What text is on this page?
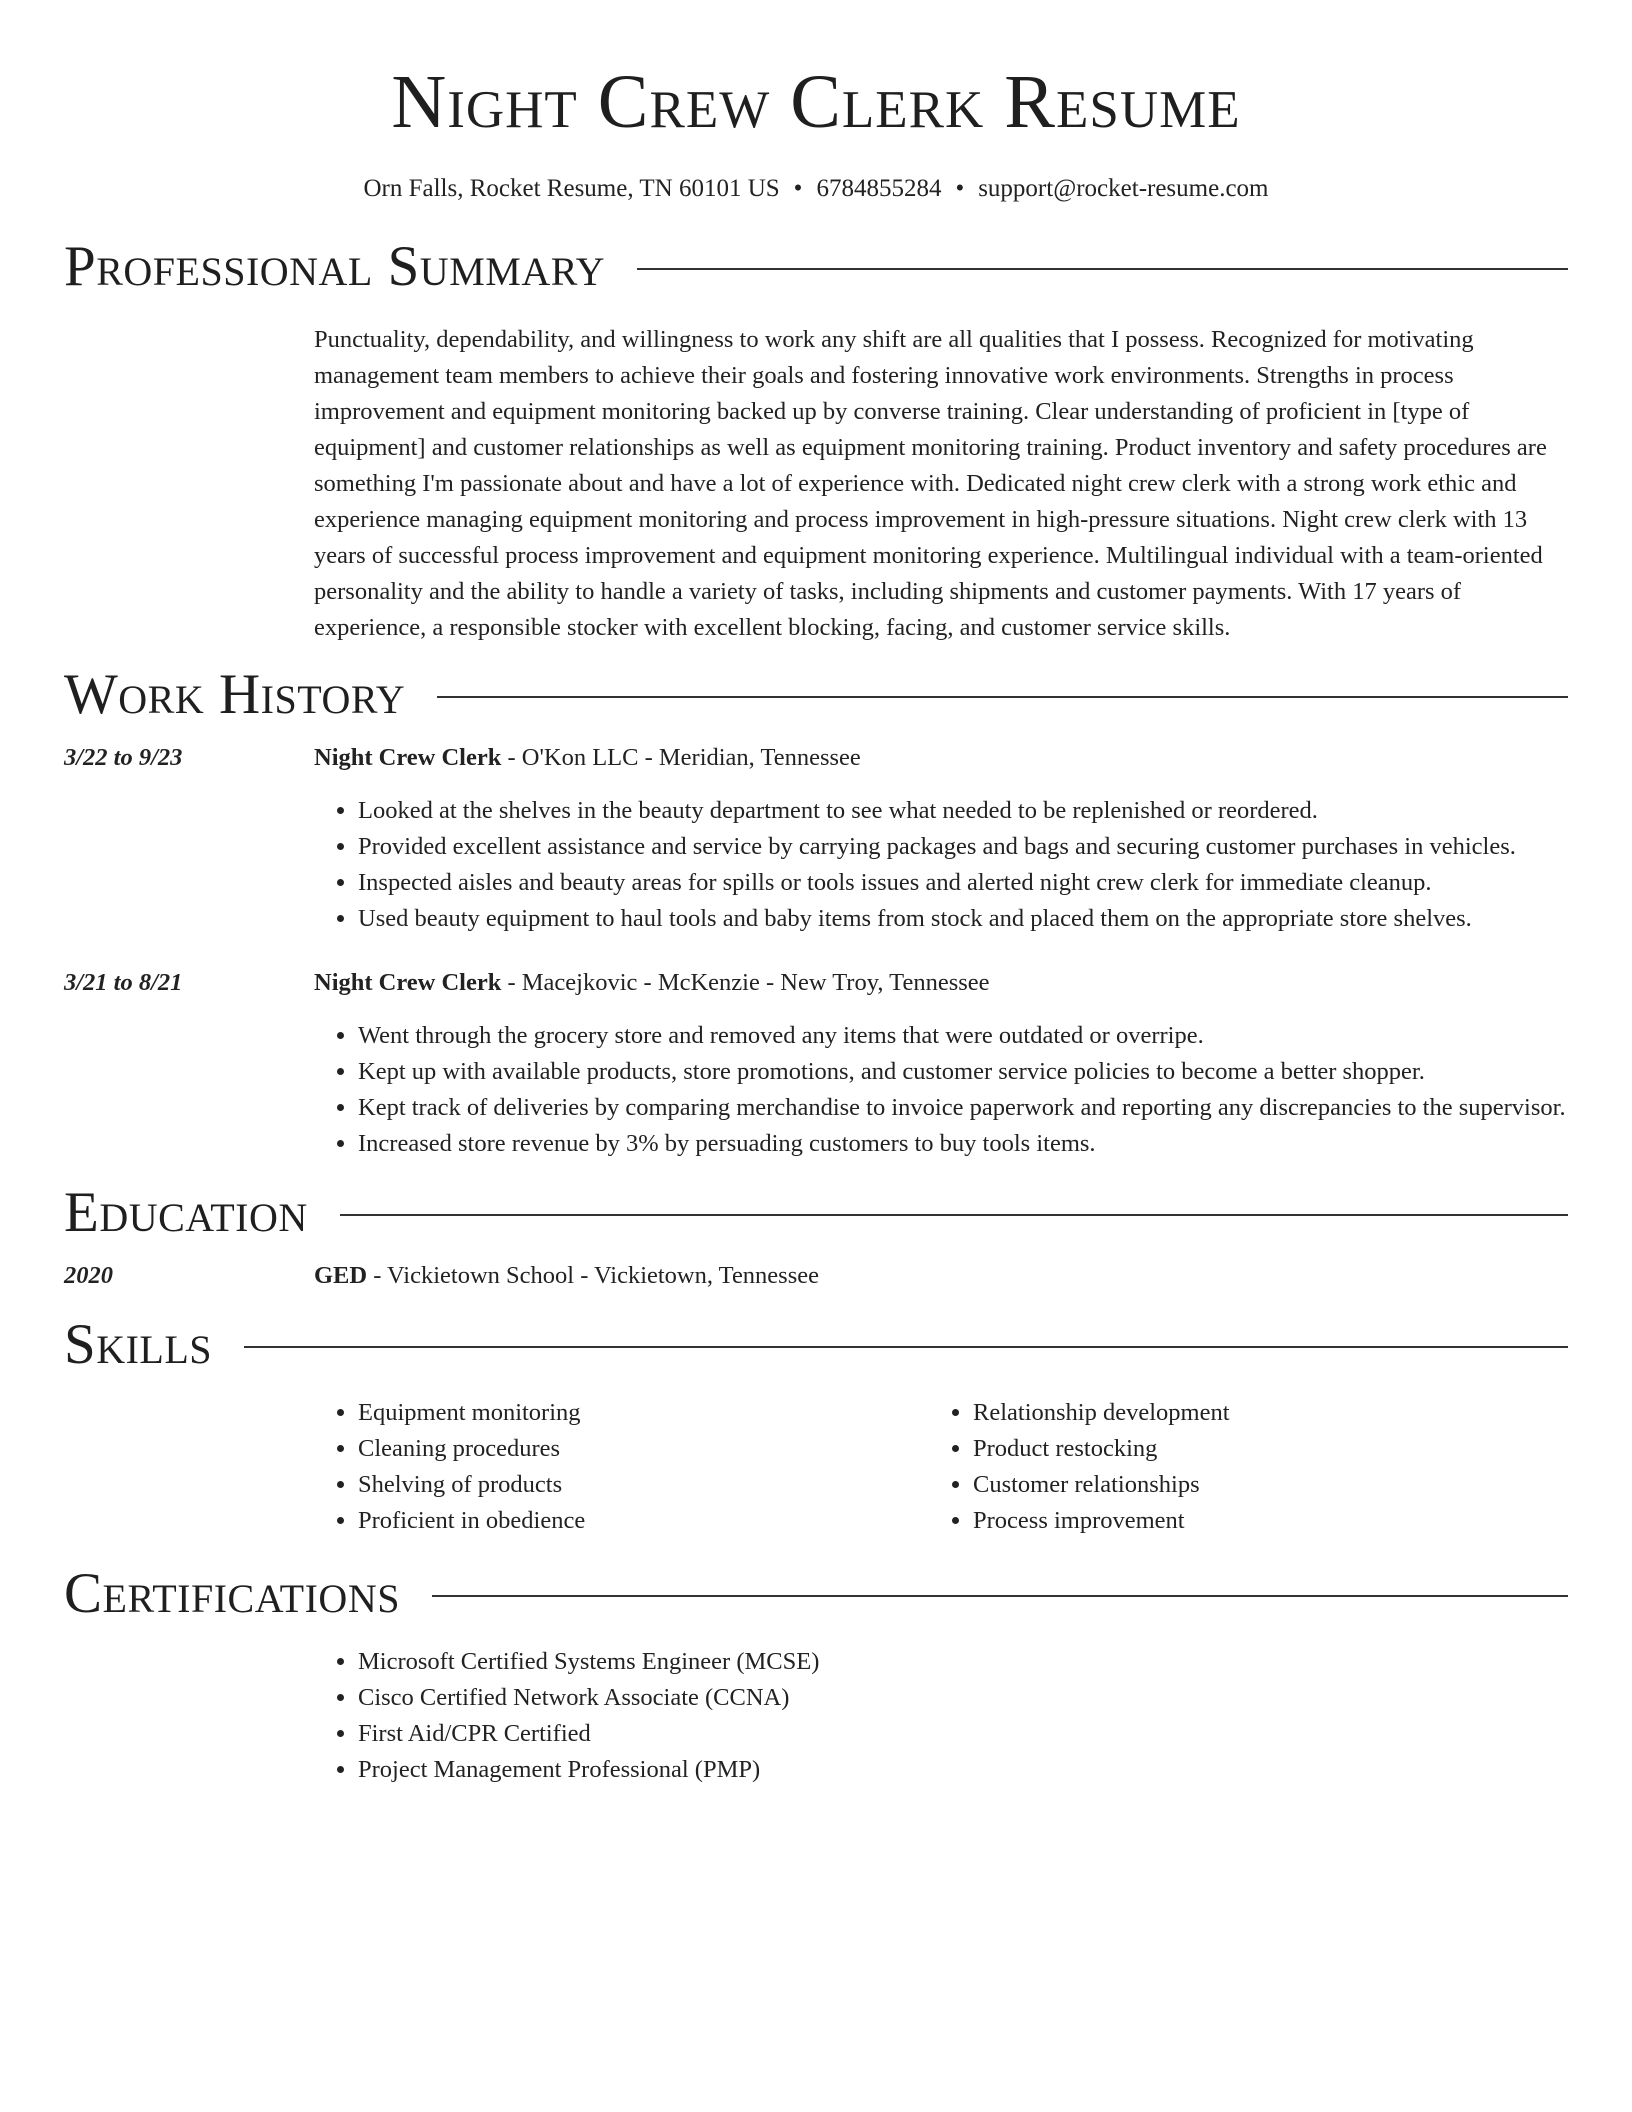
Night Crew Clerk Resume
Orn Falls, Rocket Resume, TN 60101 US • 6784855284 • support@rocket-resume.com
Professional Summary
Punctuality, dependability, and willingness to work any shift are all qualities that I possess. Recognized for motivating management team members to achieve their goals and fostering innovative work environments. Strengths in process improvement and equipment monitoring backed up by converse training. Clear understanding of proficient in [type of equipment] and customer relationships as well as equipment monitoring training. Product inventory and safety procedures are something I'm passionate about and have a lot of experience with. Dedicated night crew clerk with a strong work ethic and experience managing equipment monitoring and process improvement in high-pressure situations. Night crew clerk with 13 years of successful process improvement and equipment monitoring experience. Multilingual individual with a team-oriented personality and the ability to handle a variety of tasks, including shipments and customer payments. With 17 years of experience, a responsible stocker with excellent blocking, facing, and customer service skills.
Work History
3/22 to 9/23	Night Crew Clerk - O'Kon LLC - Meridian, Tennessee
• Looked at the shelves in the beauty department to see what needed to be replenished or reordered.
• Provided excellent assistance and service by carrying packages and bags and securing customer purchases in vehicles.
• Inspected aisles and beauty areas for spills or tools issues and alerted night crew clerk for immediate cleanup.
• Used beauty equipment to haul tools and baby items from stock and placed them on the appropriate store shelves.
3/21 to 8/21	Night Crew Clerk - Macejkovic - McKenzie - New Troy, Tennessee
• Went through the grocery store and removed any items that were outdated or overripe.
• Kept up with available products, store promotions, and customer service policies to become a better shopper.
• Kept track of deliveries by comparing merchandise to invoice paperwork and reporting any discrepancies to the supervisor.
• Increased store revenue by 3% by persuading customers to buy tools items.
Education
2020	GED - Vickietown School - Vickietown, Tennessee
Skills
• Equipment monitoring
• Cleaning procedures
• Shelving of products
• Proficient in obedience
• Relationship development
• Product restocking
• Customer relationships
• Process improvement
Certifications
• Microsoft Certified Systems Engineer (MCSE)
• Cisco Certified Network Associate (CCNA)
• First Aid/CPR Certified
• Project Management Professional (PMP)
